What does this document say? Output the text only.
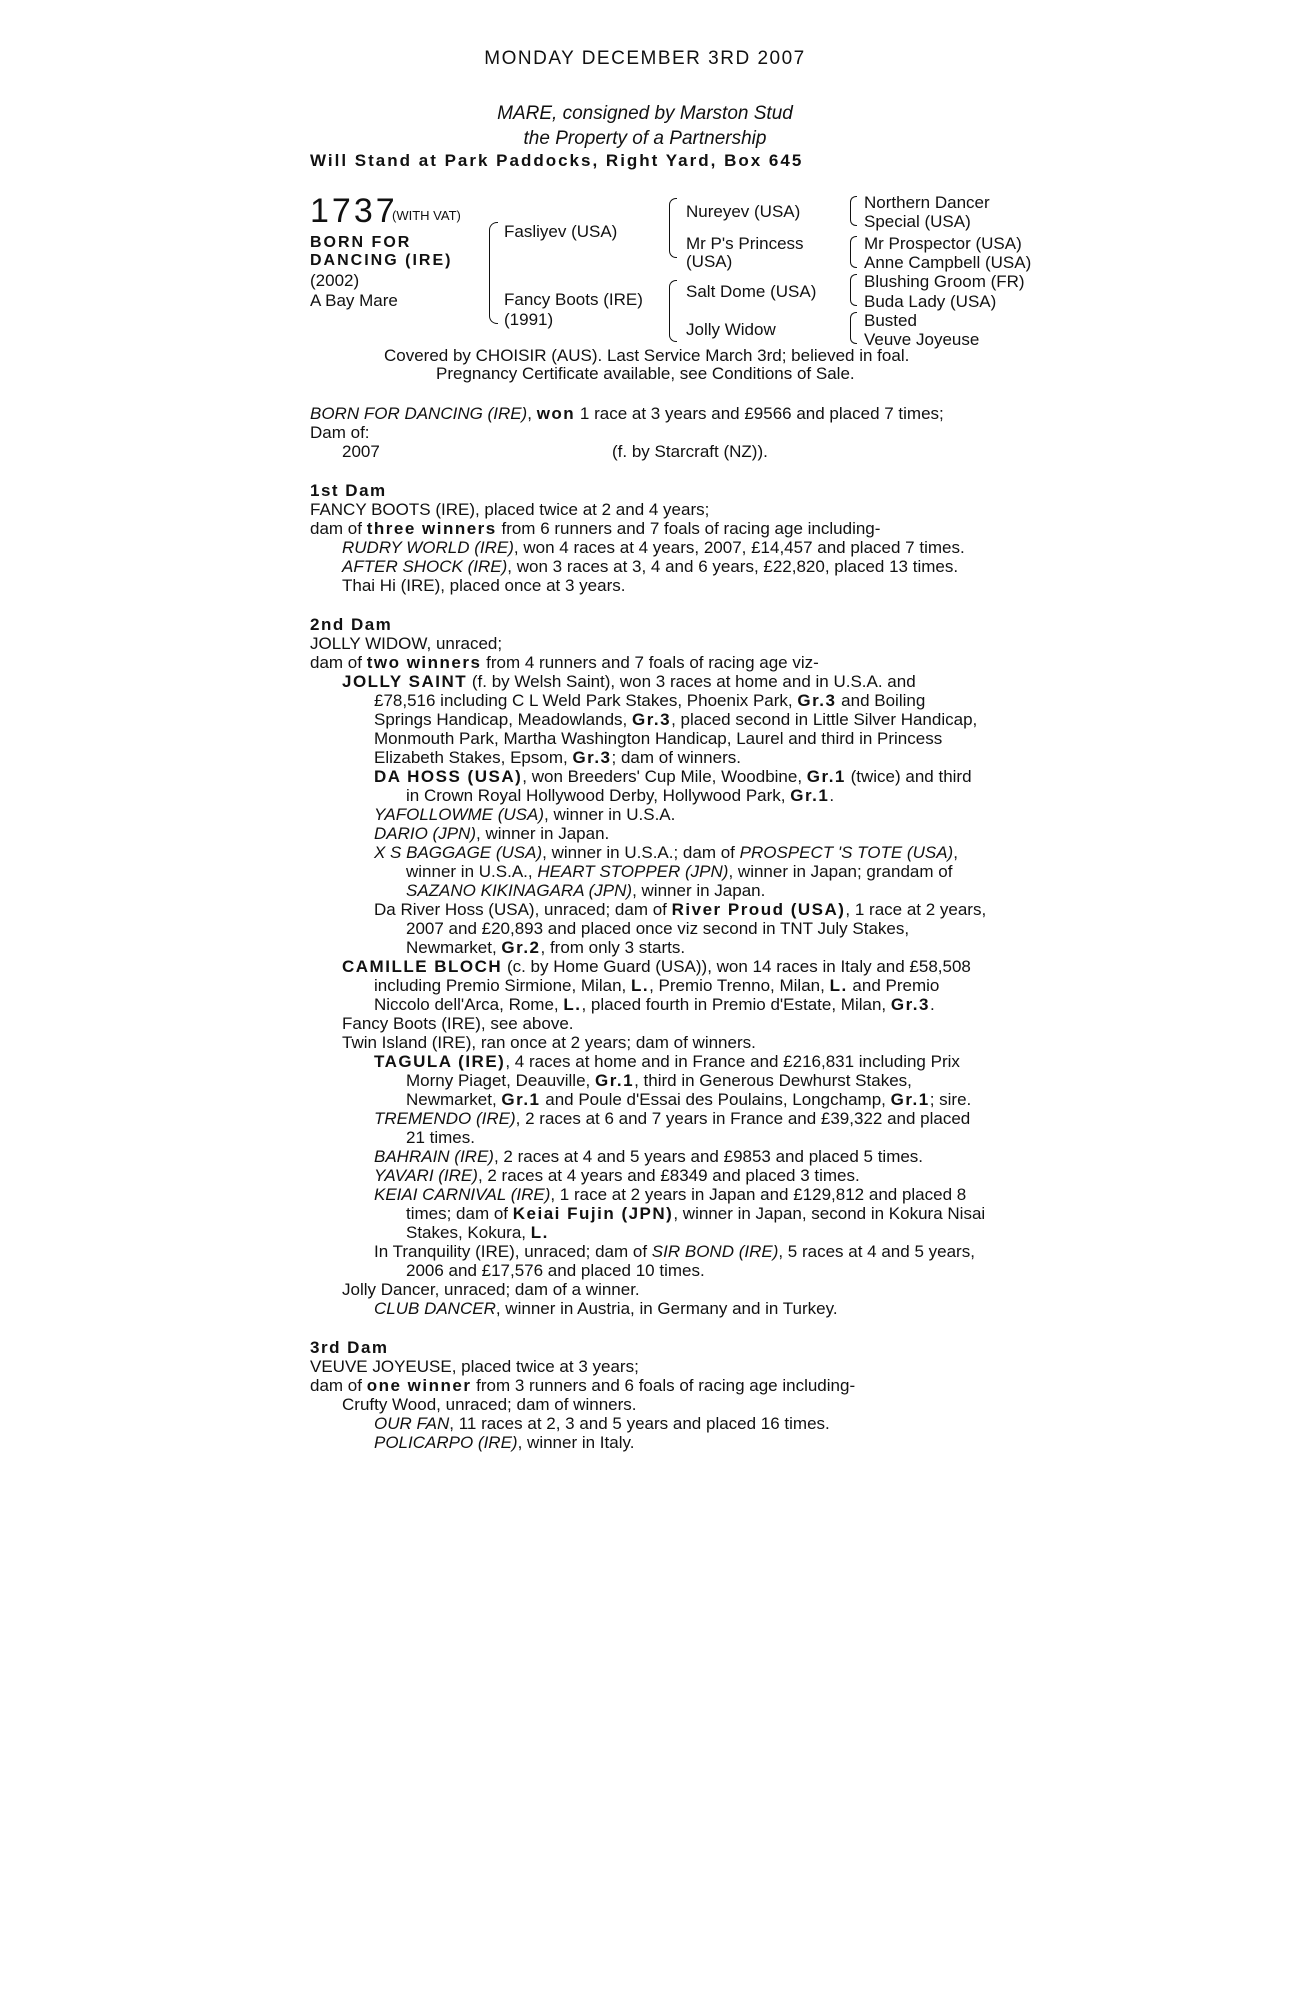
MONDAY DECEMBER 3RD 2007
MARE, consigned by Marston Stud
the Property of a Partnership
Will Stand at Park Paddocks, Right Yard, Box 645
1737
(WITH VAT)
BORN FOR
DANCING (IRE)
(2002)
A Bay Mare
Fasliyev (USA)
Fancy Boots (IRE)
(1991)
Nureyev (USA)
Mr P's Princess
(USA)
Salt Dome (USA)
Jolly Widow
Northern Dancer
Special (USA)
Mr Prospector (USA)
Anne Campbell (USA)
Blushing Groom (FR)
Buda Lady (USA)
Busted
Veuve Joyeuse
Covered by CHOISIR (AUS). Last Service March 3rd; believed in foal.
Pregnancy Certificate available, see Conditions of Sale.
BORN FOR DANCING (IRE), won 1 race at 3 years and £9566 and placed 7 times;
Dam of:
2007	(f. by Starcraft (NZ)).
1st Dam
FANCY BOOTS (IRE), placed twice at 2 and 4 years;
dam of three winners from 6 runners and 7 foals of racing age including-
RUDRY WORLD (IRE), won 4 races at 4 years, 2007, £14,457 and placed 7 times.
AFTER SHOCK (IRE), won 3 races at 3, 4 and 6 years, £22,820, placed 13 times.
Thai Hi (IRE), placed once at 3 years.
2nd Dam
JOLLY WIDOW, unraced;
dam of two winners from 4 runners and 7 foals of racing age viz-
JOLLY SAINT (f. by Welsh Saint), won 3 races at home and in U.S.A. and
£78,516 including C L Weld Park Stakes, Phoenix Park, Gr.3 and Boiling
Springs Handicap, Meadowlands, Gr.3, placed second in Little Silver Handicap,
Monmouth Park, Martha Washington Handicap, Laurel and third in Princess
Elizabeth Stakes, Epsom, Gr.3; dam of winners.
DA HOSS (USA), won Breeders' Cup Mile, Woodbine, Gr.1 (twice) and third
in Crown Royal Hollywood Derby, Hollywood Park, Gr.1.
YAFOLLOWME (USA), winner in U.S.A.
DARIO (JPN), winner in Japan.
X S BAGGAGE (USA), winner in U.S.A.; dam of PROSPECT 'S TOTE (USA),
winner in U.S.A., HEART STOPPER (JPN), winner in Japan; grandam of
SAZANO KIKINAGARA (JPN), winner in Japan.
Da River Hoss (USA), unraced; dam of River Proud (USA), 1 race at 2 years,
2007 and £20,893 and placed once viz second in TNT July Stakes,
Newmarket, Gr.2, from only 3 starts.
CAMILLE BLOCH (c. by Home Guard (USA)), won 14 races in Italy and £58,508
including Premio Sirmione, Milan, L., Premio Trenno, Milan, L. and Premio
Niccolo dell'Arca, Rome, L., placed fourth in Premio d'Estate, Milan, Gr.3.
Fancy Boots (IRE), see above.
Twin Island (IRE), ran once at 2 years; dam of winners.
TAGULA (IRE), 4 races at home and in France and £216,831 including Prix
Morny Piaget, Deauville, Gr.1, third in Generous Dewhurst Stakes,
Newmarket, Gr.1 and Poule d'Essai des Poulains, Longchamp, Gr.1; sire.
TREMENDO (IRE), 2 races at 6 and 7 years in France and £39,322 and placed
21 times.
BAHRAIN (IRE), 2 races at 4 and 5 years and £9853 and placed 5 times.
YAVARI (IRE), 2 races at 4 years and £8349 and placed 3 times.
KEIAI CARNIVAL (IRE), 1 race at 2 years in Japan and £129,812 and placed 8
times; dam of Keiai Fujin (JPN), winner in Japan, second in Kokura Nisai
Stakes, Kokura, L.
In Tranquility (IRE), unraced; dam of SIR BOND (IRE), 5 races at 4 and 5 years,
2006 and £17,576 and placed 10 times.
Jolly Dancer, unraced; dam of a winner.
CLUB DANCER, winner in Austria, in Germany and in Turkey.
3rd Dam
VEUVE JOYEUSE, placed twice at 3 years;
dam of one winner from 3 runners and 6 foals of racing age including-
Crufty Wood, unraced; dam of winners.
OUR FAN, 11 races at 2, 3 and 5 years and placed 16 times.
POLICARPO (IRE), winner in Italy.
